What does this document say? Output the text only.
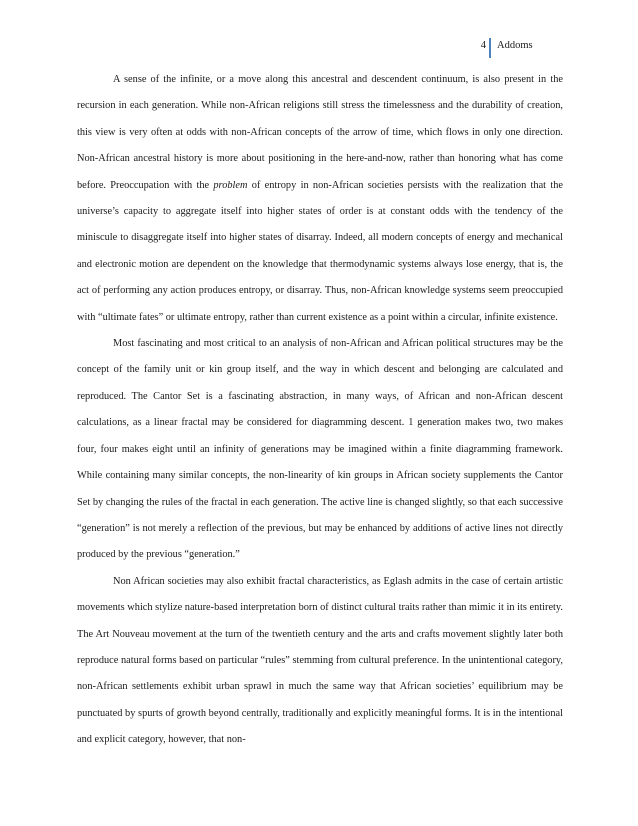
4 Addoms

A sense of the infinite, or a move along this ancestral and descendent continuum, is also present in the recursion in each generation. While non-African religions still stress the timelessness and the durability of creation, this view is very often at odds with non-African concepts of the arrow of time, which flows in only one direction. Non-African ancestral history is more about positioning in the here-and-now, rather than honoring what has come before. Preoccupation with the problem of entropy in non-African societies persists with the realization that the universe’s capacity to aggregate itself into higher states of order is at constant odds with the tendency of the miniscule to disaggregate itself into higher states of disarray. Indeed, all modern concepts of energy and mechanical and electronic motion are dependent on the knowledge that thermodynamic systems always lose energy, that is, the act of performing any action produces entropy, or disarray. Thus, non-African knowledge systems seem preoccupied with “ultimate fates” or ultimate entropy, rather than current existence as a point within a circular, infinite existence.

Most fascinating and most critical to an analysis of non-African and African political structures may be the concept of the family unit or kin group itself, and the way in which descent and belonging are calculated and reproduced. The Cantor Set is a fascinating abstraction, in many ways, of African and non-African descent calculations, as a linear fractal may be considered for diagramming descent. 1 generation makes two, two makes four, four makes eight until an infinity of generations may be imagined within a finite diagramming framework. While containing many similar concepts, the non-linearity of kin groups in African society supplements the Cantor Set by changing the rules of the fractal in each generation. The active line is changed slightly, so that each successive “generation” is not merely a reflection of the previous, but may be enhanced by additions of active lines not directly produced by the previous “generation.”

Non African societies may also exhibit fractal characteristics, as Eglash admits in the case of certain artistic movements which stylize nature-based interpretation born of distinct cultural traits rather than mimic it in its entirety. The Art Nouveau movement at the turn of the twentieth century and the arts and crafts movement slightly later both reproduce natural forms based on particular “rules” stemming from cultural preference. In the unintentional category, non-African settlements exhibit urban sprawl in much the same way that African societies’ equilibrium may be punctuated by spurts of growth beyond centrally, traditionally and explicitly meaningful forms. It is in the intentional and explicit category, however, that non-
